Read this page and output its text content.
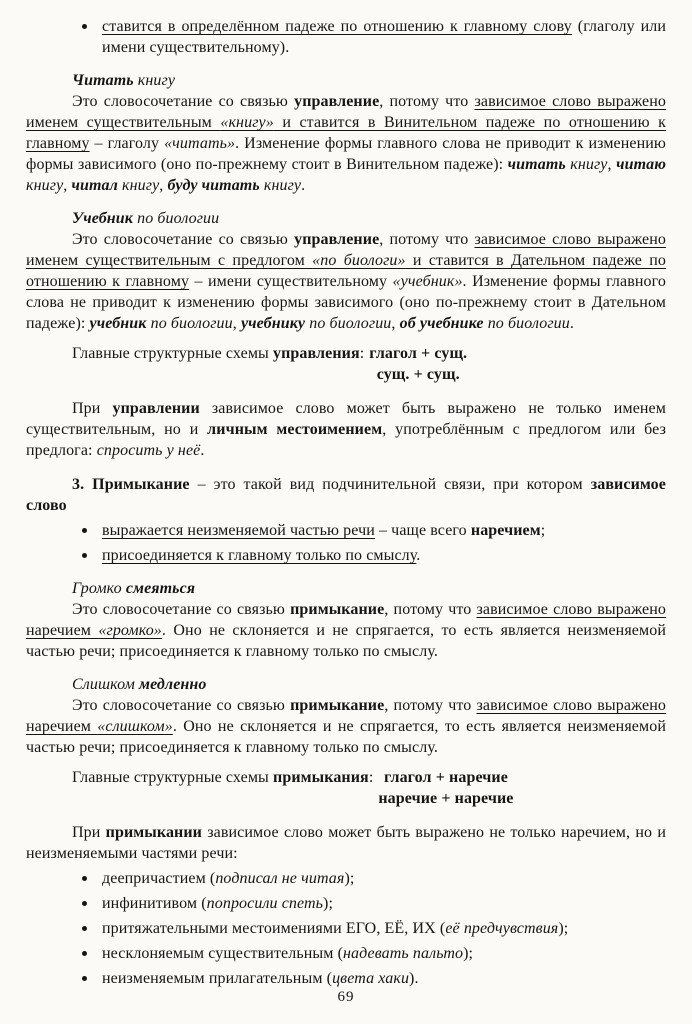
ставится в определённом падеже по отношению к главному слову (глаголу или имени существительному).
Читать книгу
Это словосочетание со связью управление, потому что зависимое слово выражено именем существительным «книгу» и ставится в Винительном падеже по отношению к главному – глаголу «читать». Изменение формы главного слова не приводит к изменению формы зависимого (оно по-прежнему стоит в Винительном падеже): читать книгу, читаю книгу, читал книгу, буду читать книгу.
Учебник по биологии
Это словосочетание со связью управление, потому что зависимое слово выражено именем существительным с предлогом «по биологи» и ставится в Дательном падеже по отношению к главному – имени существительному «учебник». Изменение формы главного слова не приводит к изменению формы зависимого (оно по-прежнему стоит в Дательном падеже): учебник по биологии, учебнику по биологии, об учебнике по биологии.
Главные структурные схемы управления: глагол + сущ.
сущ. + сущ.
При управлении зависимое слово может быть выражено не только именем существительным, но и личным местоимением, употреблённым с предлогом или без предлога: спросить у неё.
3. Примыкание – это такой вид подчинительной связи, при котором зависимое слово
выражается неизменяемой частью речи – чаще всего наречием;
присоединяется к главному только по смыслу.
Громко смеяться
Это словосочетание со связью примыкание, потому что зависимое слово выражено наречием «громко». Оно не склоняется и не спрягается, то есть является неизменяемой частью речи; присоединяется к главному только по смыслу.
Слишком медленно
Это словосочетание со связью примыкание, потому что зависимое слово выражено наречием «слишком». Оно не склоняется и не спрягается, то есть является неизменяемой частью речи; присоединяется к главному только по смыслу.
Главные структурные схемы примыкания: глагол + наречие
наречие + наречие
При примыкании зависимое слово может быть выражено не только наречием, но и неизменяемыми частями речи:
деепричастием (подписал не читая);
инфинитивом (попросили спеть);
притяжательными местоимениями ЕГО, ЕЁ, ИХ (её предчувствия);
несклоняемым существительным (надевать пальто);
неизменяемым прилагательным (цвета хаки).
69
